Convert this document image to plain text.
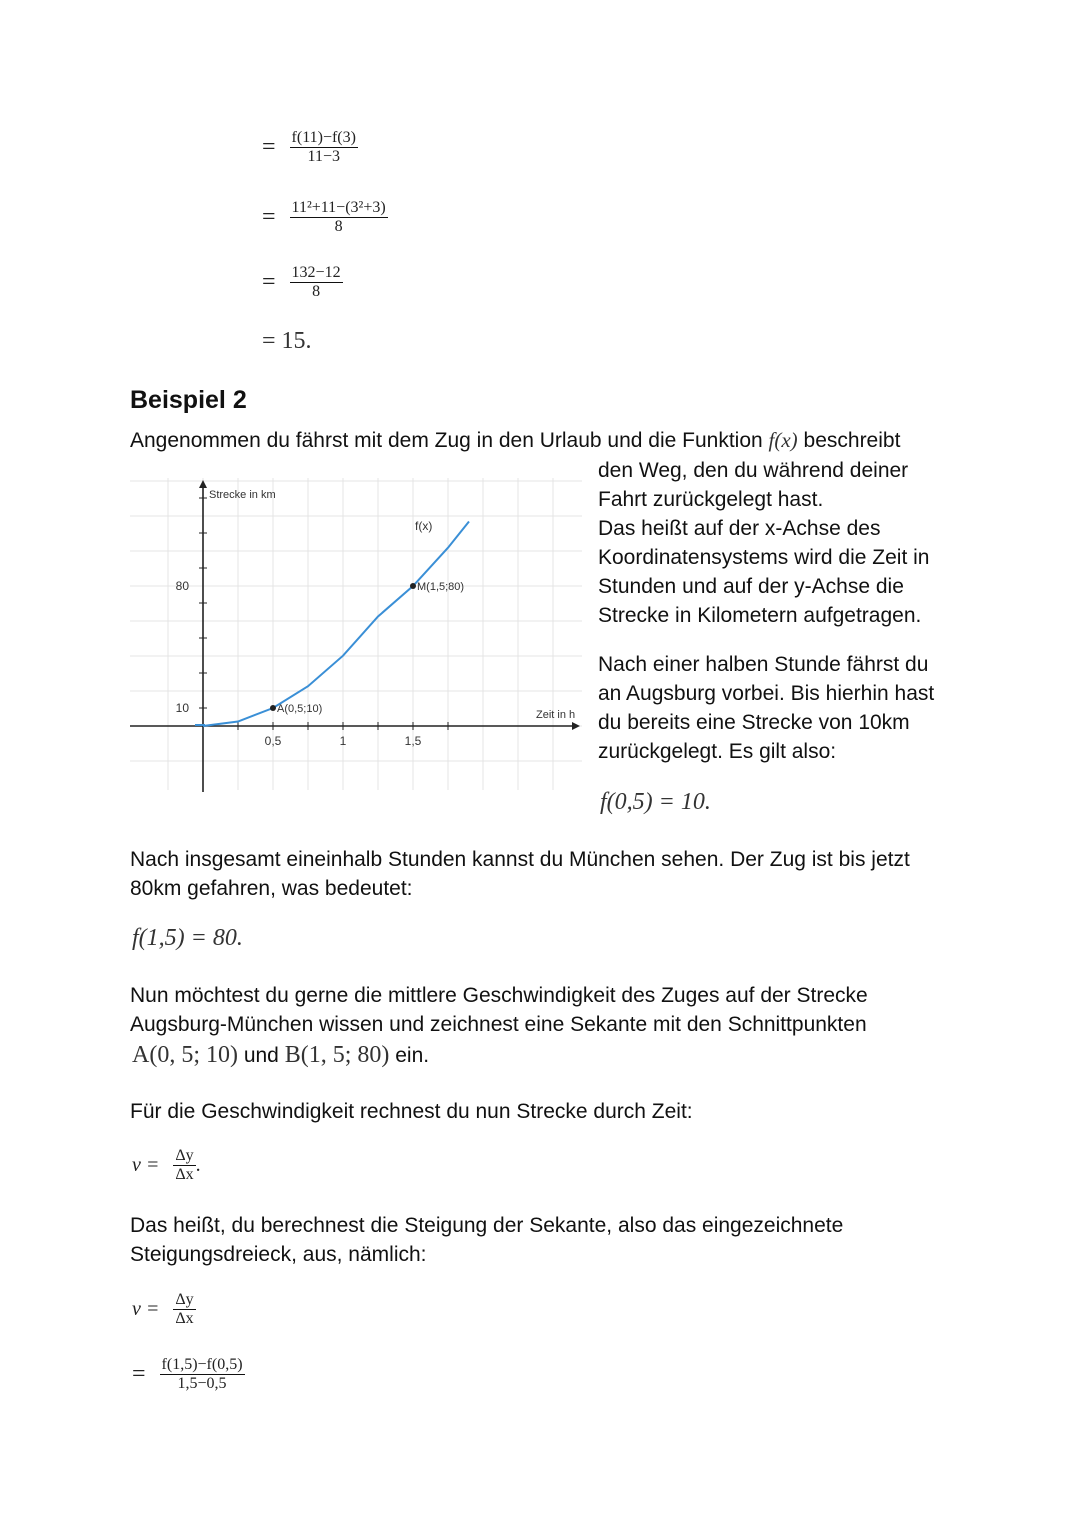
= $\frac{f(11)-f(3)}{11-3}$
= $\frac{\text{11²+11−(3²+3)}}{8}$
= $\frac{132-12}{8}$
= 15.
Beispiel 2
Angenommen du fährst mit dem Zug in den Urlaub und die Funktion f(x) beschreibt
den Weg, den du während deiner
Fahrt zurückgelegt hast.
Das heißt auf der x-Achse des
Koordinatensystems wird die Zeit in
Stunden und auf der y-Achse die
Strecke in Kilometern aufgetragen.
Nach einer halben Stunde fährst du
an Augsburg vorbei. Bis hierhin hast
du bereits eine Strecke von 10km
zurückgelegt. Es gilt also:
f(0,5) = 10.
f(x)
A(0,5;10)
M(1,5;80)
Strecke in km
Zeit in h
0,5	1	1,5
10
80
Nach insgesamt eineinhalb Stunden kannst du München sehen. Der Zug ist bis jetzt
80km gefahren, was bedeutet:
f(1,5) = 80.
Nun möchtest du gerne die mittlere Geschwindigkeit des Zuges auf der Strecke
Augsburg-München wissen und zeichnest eine Sekante mit den Schnittpunkten
A(0, 5; 10) und B(1, 5; 80) ein.
Für die Geschwindigkeit rechnest du nun Strecke durch Zeit:
$v = \frac{\Delta y}{\Delta x}$ .
Das heißt, du berechnest die Steigung der Sekante, also das eingezeichnete
Steigungsdreieck, aus, nämlich:
$v = \frac{\Delta y}{\Delta x}$
= $\frac{f(1,5)-f(0,5)}{1,5-0,5}$
